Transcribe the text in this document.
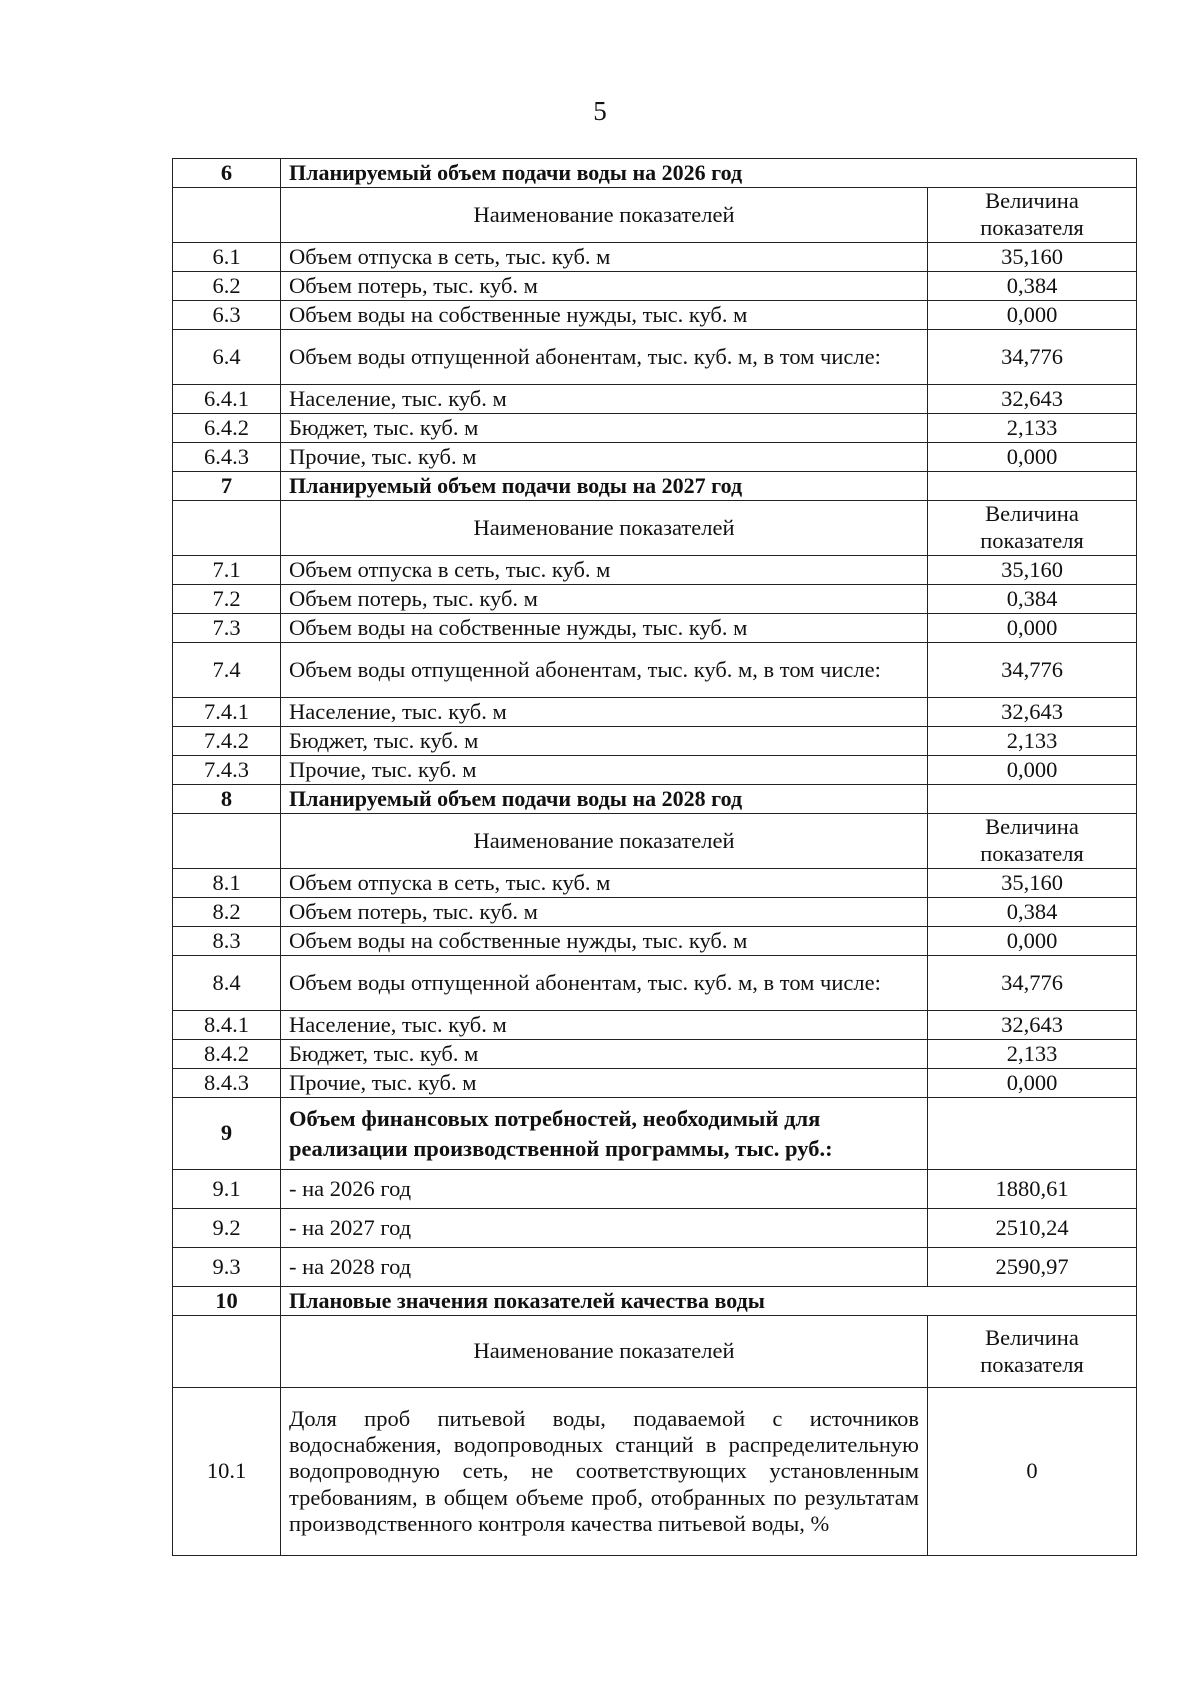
5
6	Планируемый объем подачи воды на 2026 год	
	Наименование показателей	Величина показателя
6.1	Объем отпуска в сеть, тыс. куб. м	35,160
6.2	Объем потерь, тыс. куб. м	0,384
6.3	Объем воды на собственные нужды, тыс. куб. м	0,000
6.4	Объем воды отпущенной абонентам, тыс. куб. м, в том числе:	34,776
6.4.1	Население, тыс. куб. м	32,643
6.4.2	Бюджет, тыс. куб. м	2,133
6.4.3	Прочие, тыс. куб. м	0,000
7	Планируемый объем подачи воды на 2027 год	
	Наименование показателей	Величина показателя
7.1	Объем отпуска в сеть, тыс. куб. м	35,160
7.2	Объем потерь, тыс. куб. м	0,384
7.3	Объем воды на собственные нужды, тыс. куб. м	0,000
7.4	Объем воды отпущенной абонентам, тыс. куб. м, в том числе:	34,776
7.4.1	Население, тыс. куб. м	32,643
7.4.2	Бюджет, тыс. куб. м	2,133
7.4.3	Прочие, тыс. куб. м	0,000
8	Планируемый объем подачи воды на 2028 год	
	Наименование показателей	Величина показателя
8.1	Объем отпуска в сеть, тыс. куб. м	35,160
8.2	Объем потерь, тыс. куб. м	0,384
8.3	Объем воды на собственные нужды, тыс. куб. м	0,000
8.4	Объем воды отпущенной абонентам, тыс. куб. м, в том числе:	34,776
8.4.1	Население, тыс. куб. м	32,643
8.4.2	Бюджет, тыс. куб. м	2,133
8.4.3	Прочие, тыс. куб. м	0,000
9	Объем финансовых потребностей, необходимый для реализации производственной программы, тыс. руб.:	
9.1	- на 2026 год	1880,61
9.2	- на 2027 год	2510,24
9.3	- на 2028 год	2590,97
10	Плановые значения показателей качества воды	
	Наименование показателей	Величина показателя
10.1	Доля проб питьевой воды, подаваемой с источников водоснабжения, водопроводных станций в распределительную водопроводную сеть, не соответствующих установленным требованиям, в общем объеме проб, отобранных по результатам производственного контроля качества питьевой воды, %	0
